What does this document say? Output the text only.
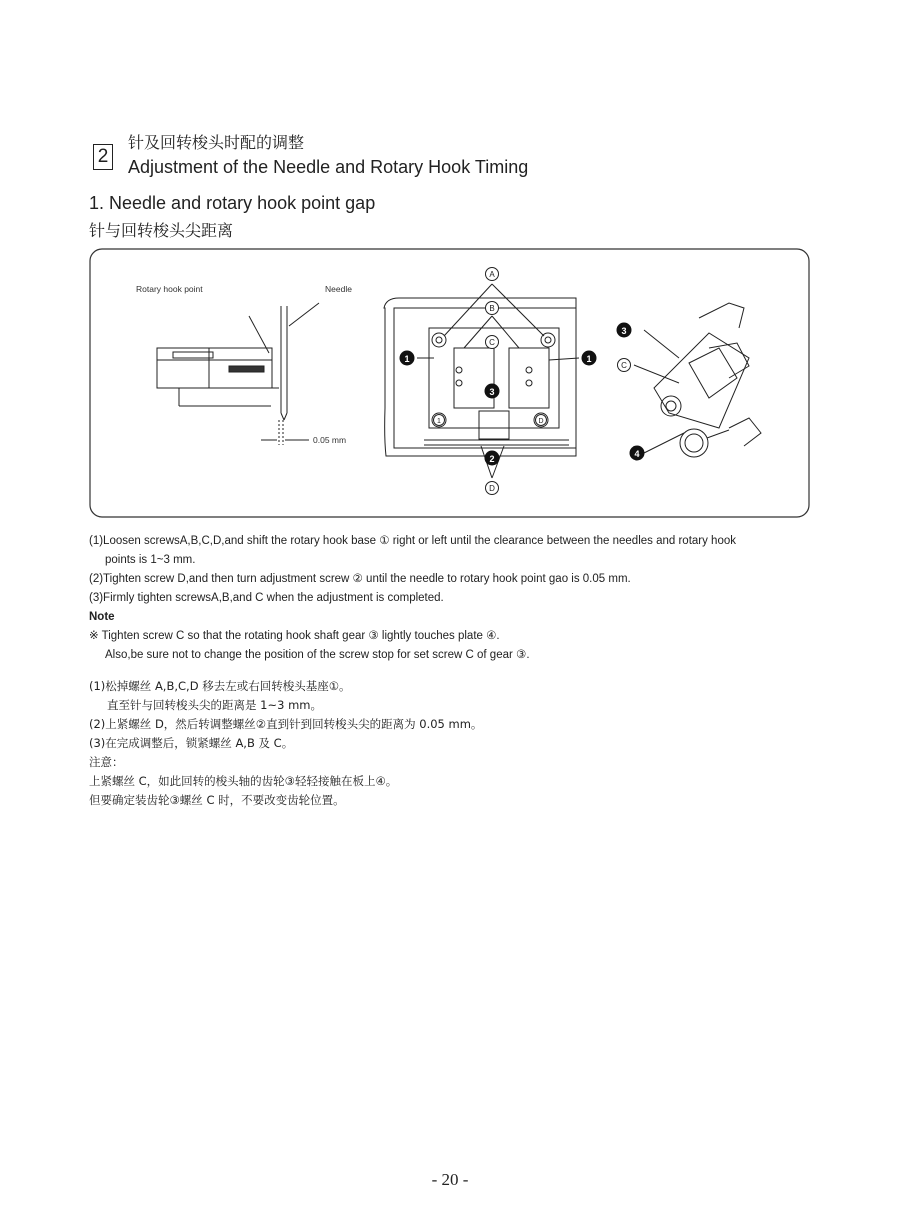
2
针及回转梭头时配的调整
Adjustment of the Needle and Rotary Hook Timing
1. Needle and rotary hook point gap
针与回转梭头尖距离
Rotary hook point	Needle
0.05 mm
A
B
C
D
1	1
3
2
1	D
3
C
4
(1)Loosen screwsA,B,C,D,and shift the rotary hook base ① right or left until the clearance between the needles and rotary hook
points is 1~3 mm.
(2)Tighten screw D,and then turn adjustment screw ② until the needle to rotary hook point gao is 0.05 mm.
(3)Firmly tighten screwsA,B,and C when the adjustment is completed.
Note
※ Tighten screw C so that the rotating hook shaft gear ③ lightly touches plate ④.
Also,be sure not to change the position of the screw stop for set screw C of gear ③.
(1)松掉螺丝 A,B,C,D 移去左或右回转梭头基座①。
直至针与回转梭头尖的距离是 1~3 mm。
(2)上紧螺丝 D，然后转调整螺丝②直到针到回转梭头尖的距离为 0.05 mm。
(3)在完成调整后，锁紧螺丝 A,B 及 C。
注意：
上紧螺丝 C，如此回转的梭头轴的齿轮③轻轻接触在板上④。
但要确定装齿轮③螺丝 C 时，不要改变齿轮位置。
- 20 -
